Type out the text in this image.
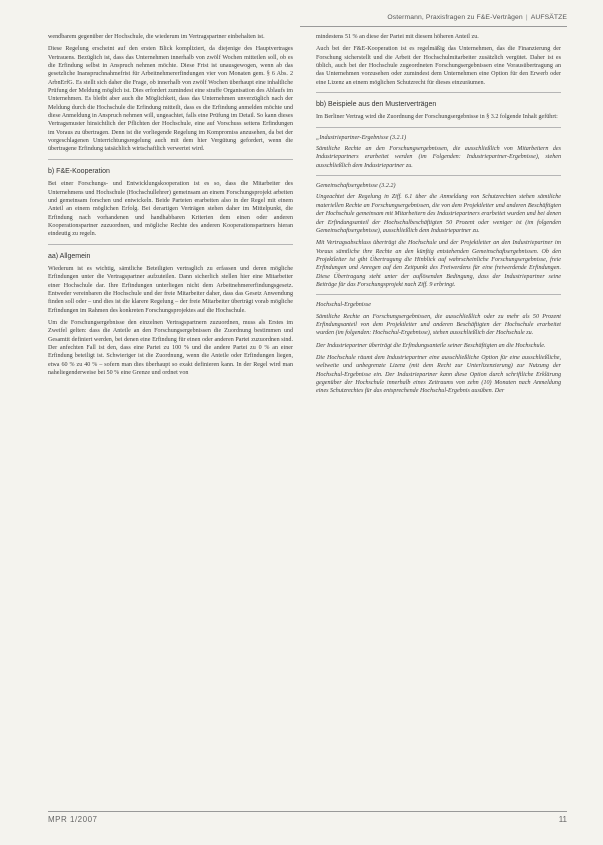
Ostermann, Praxisfragen zu F&E-Verträgen | AUFSÄTZE

wendbarem gegenüber der Hochschule, die wiederum im Vertragspartner einbehalten ist.

Diese Regelung erscheint auf den ersten Blick kompliziert, da diejenige des Hauptvertrages Vertrauens. Bezüglich ist, dass das Unternehmen innerhalb von zwölf Wochen mitteilen soll, ob es die Erfindung selbst in Anspruch nehmen möchte. Diese Frist ist unausgewogen, wenn ab das gesetzliche Inanspruchnahmefrist für Arbeitnehmererfindungen vier von Monaten gem. § 6 Abs. 2 ArbnErfG. Es stellt sich daher die Frage, ob innerhalb von zwölf Wochen überhaupt eine inhaltliche Prüfung der Meldung möglich ist. Dies erfordert zumindest eine straffe Organisation des Ablaufs im Unternehmen. Es bleibt aber auch die Möglichkeit, dass das Unternehmen unverzüglich nach der Meldung durch die Hochschule die Erfindung mitteilt, dass es die Erfindung anmelden möchte und diese Anmeldung in Anspruch nehmen will, ungeachtet, falls eine Prüfung im Detail. So kann dieses Vertragsmuster hinsichtlich der Pflichten der Hochschule, eine auf Vorschuss seitens Erfindungen im Voraus zu übertragen. Denn ist die vorliegende Regelung im Kompromiss anzusehen, da bei der vorgeschlagenen Unterrichtungsregelung auch mit dem hier Vergütung gefordert, wenn die übertragene Erfindung tatsächlich wirtschaftlich verwertet wird.

b) F&E-Kooperation

Bei einer Forschungs- und Entwicklungskooperation ist es so, dass die Mitarbeiter des Unternehmens und Hochschule (Hochschullehrer) gemeinsam an einem Forschungsprojekt arbeiten und gemeinsam forschen und entwickeln. Beide Parteien erarbeiten also in der Regel mit einem Anteil an einem möglichen Erfolg. Bei derartigen Verträgen stehen daher im Mittelpunkt, die Erfindung nach vorhandenen und handhabbaren Kriterien dem einen oder anderen Kooperationspartner zuzuordnen, und mögliche Rechte des anderen Kooperationspartners hieran eindeutig zu regeln.

aa) Allgemein

Wiederum ist es wichtig, sämtliche Beteiligten vertraglich zu erfassen und deren mögliche Erfindungen unter die Vertragspartner aufzuteilen. Dann sicherlich stellen hier eine Mitarbeiter einer Hochschule dar. Ihre Erfindungen unterliegen nicht dem Arbeitnehmererfindungsgesetz. Entweder vereinbaren die Hochschule und der freie Mitarbeiter daher, dass das Gesetz Anwendung finden soll oder – und dies ist die klarere Regelung – der freie Mitarbeiter überträgt vorab mögliche Erfindungen im Rahmen des konkreten Forschungsprojektes auf die Hochschule.

Um die Forschungsergebnisse den einzelnen Vertragspartnern zuzuordnen, muss als Erstes im Zweifel gelten: dass die Anteile an den Forschungsergebnissen die Zuordnung bestimmen und Gesamtit definiert werden, bei denen eine Erfindung für einen oder anderen Partei zuzuordnen sind. Der anfechten Fall ist den, dass eine Partei zu 100 % und die andere Partei zu 0 % an einer Erfindung beteiligt ist. Schwieriger ist die Zuordnung, wenn die Anteile oder Erfindungen liegen, etwa 60 % zu 40 % – sofern man dies überhaupt so exakt definieren kann. In der Regel wird man naheliegenderweise bei 50 % eine Grenze und ordnet von

mindestens 51 % an diese der Partei mit diesem höheren Anteil zu.

Auch bei der F&E-Kooperation ist es regelmäßig das Unternehmen, das die Finanzierung der Forschung sicherstellt und die Arbeit der Hochschulmitarbeiter zusätzlich vergütet. Daher ist es üblich, auch bei der Hochschule zugeordneten Forschungsergebnissen eine Vorausübertragung an das Unternehmen vorzusehen oder zumindest dem Unternehmen eine Option für den Erwerb oder eine Lizenz an einem möglichen Schutzrecht für dieses einzuräumen.

bb) Beispiele aus den Musterverträgen

Im Berliner Vertrag wird die Zuordnung der Forschungsergebnisse in § 3.2 folgende Inhalt geführt:

„Industriepartner-Ergebnisse (3.2.1)

Sämtliche Rechte an den Forschungsergebnissen, die ausschließlich von Mitarbeitern des Industriepartners erarbeitet werden (im Folgenden: Industriepartner-Ergebnisse), stehen ausschließlich dem Industriepartner zu.

Gemeinschaftsergebnisse (3.2.2)

Ungeachtet der Regelung in Ziff. 6.1 über die Anmeldung von Schutzrechten stehen sämtliche materiellen Rechte an Forschungsergebnissen, die von dem Projektleiter und anderen Beschäftigten der Hochschule gemeinsam mit Mitarbeitern des Industriepartners erarbeitet wurden und bei denen der Erfindungsanteil der Hochschulbeschäftigten 50 Prozent oder weniger ist (im folgenden Gemeinschaftsergebnisse), ausschließlich dem Industriepartner zu.

Mit Vertragsabschluss überträgt die Hochschule und der Projektleiter an den Industriepartner im Voraus sämtliche ihre Rechte an den künftig entstehenden Gemeinschaftsergebnissen. Ob den Projektleiter ist gibt Übertragung die Hinblick auf wahrscheinliche Forschungsergebnisse, freie Erfindungen und Anregen auf den Zeitpunkt des Freiwerdens für eine freiwerdende Erfindungen. Diese Übertragung steht unter der auflösenden Bedingung, dass der Industriepartner seine Beiträge für das Forschungsprojekt nach Ziff. 9 erbringt.

Hochschul-Ergebnisse

Sämtliche Rechte an Forschungsergebnissen, die ausschließlich oder zu mehr als 50 Prozent Erfindungsanteil von dem Projektleiter und anderen Beschäftigten der Hochschule erarbeitet wurden (im folgenden: Hochschul-Ergebnisse), stehen ausschließlich der Hochschule zu.

Der Industriepartner überträgt die Erfindungsanteile seiner Beschäftigten an die Hochschule.

Die Hochschule räumt dem Industriepartner eine ausschließliche Option für eine ausschließliche, weltweite und unbegrenzte Lizenz (mit dem Recht zur Unterlizenzierung) zur Nutzung der Hochschul-Ergebnisse ein. Der Industriepartner kann diese Option durch schriftliche Erklärung gegenüber der Hochschule innerhalb eines Zeitraums von zehn (10) Monaten nach Anmeldung eines Schutzrechtes für das entsprechende Hochschul-Ergebnis ausüben. Der

MPR 1/2007	11
